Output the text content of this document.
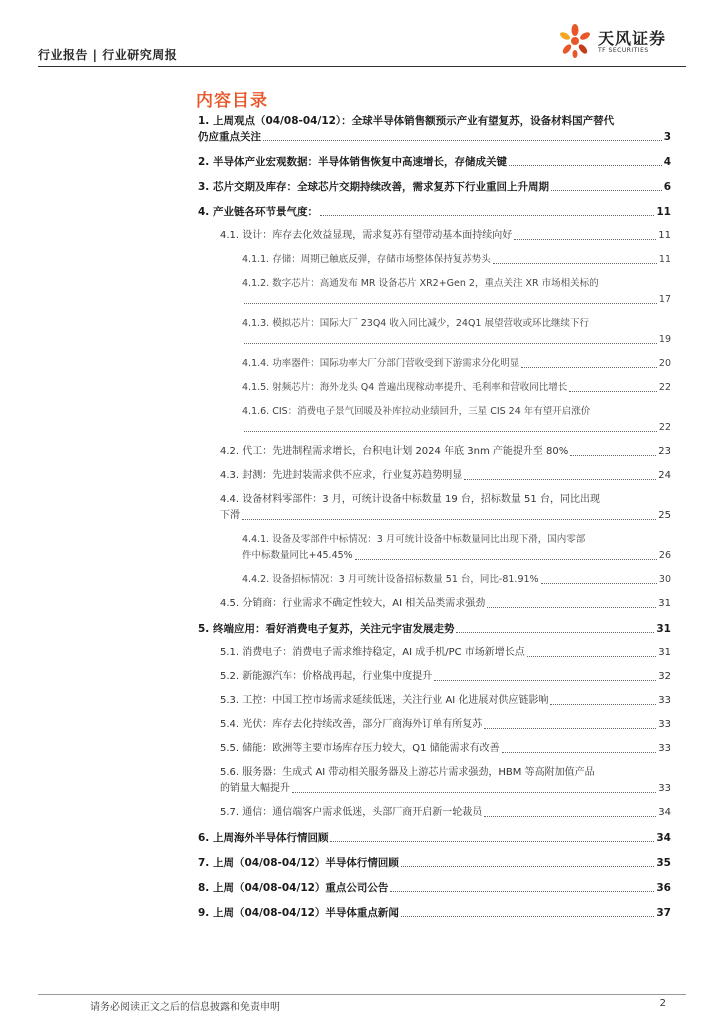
行业报告 | 行业研究周报
天风证券
TF SECURITIES
内容目录
1. 上周观点（04/08-04/12）：全球半导体销售额预示产业有望复苏，设备材料国产替代
仍应重点关注	3
2. 半导体产业宏观数据：半导体销售恢复中高速增长，存储成关键	4
3. 芯片交期及库存：全球芯片交期持续改善，需求复苏下行业重回上升周期	6
4. 产业链各环节景气度：	11
4.1. 设计：库存去化效益显现，需求复苏有望带动基本面持续向好	11
4.1.1. 存储：周期已触底反弹，存储市场整体保持复苏势头	11
4.1.2. 数字芯片：高通发布 MR 设备芯片 XR2+Gen 2，重点关注 XR 市场相关标的
17
4.1.3. 模拟芯片：国际大厂 23Q4 收入同比减少，24Q1 展望营收或环比继续下行
19
4.1.4. 功率器件：国际功率大厂分部门营收受到下游需求分化明显	20
4.1.5. 射频芯片：海外龙头 Q4 普遍出现稼动率提升、毛利率和营收同比增长	22
4.1.6. CIS：消费电子景气回暖及补库拉动业绩回升，三星 CIS 24 年有望开启涨价
22
4.2. 代工：先进制程需求增长，台积电计划 2024 年底 3nm 产能提升至 80%	23
4.3. 封测：先进封装需求供不应求，行业复苏趋势明显	24
4.4. 设备材料零部件：3 月，可统计设备中标数量 19 台，招标数量 51 台，同比出现
下滑	25
4.4.1. 设备及零部件中标情况：3 月可统计设备中标数量同比出现下滑，国内零部
件中标数量同比+45.45%	26
4.4.2. 设备招标情况：3 月可统计设备招标数量 51 台，同比-81.91%	30
4.5. 分销商：行业需求不确定性较大，AI 相关品类需求强劲	31
5. 终端应用：看好消费电子复苏，关注元宇宙发展走势	31
5.1. 消费电子：消费电子需求维持稳定，AI 成手机/PC 市场新增长点	31
5.2. 新能源汽车：价格战再起，行业集中度提升	32
5.3. 工控：中国工控市场需求延续低迷，关注行业 AI 化进展对供应链影响	33
5.4. 光伏：库存去化持续改善，部分厂商海外订单有所复苏	33
5.5. 储能：欧洲等主要市场库存压力较大，Q1 储能需求有改善	33
5.6. 服务器：生成式 AI 带动相关服务器及上游芯片需求强劲，HBM 等高附加值产品
的销量大幅提升	33
5.7. 通信：通信端客户需求低迷，头部厂商开启新一轮裁员	34
6. 上周海外半导体行情回顾	34
7. 上周（04/08-04/12）半导体行情回顾	35
8. 上周（04/08-04/12）重点公司公告	36
9. 上周（04/08-04/12）半导体重点新闻	37
请务必阅读正文之后的信息披露和免责申明	2
